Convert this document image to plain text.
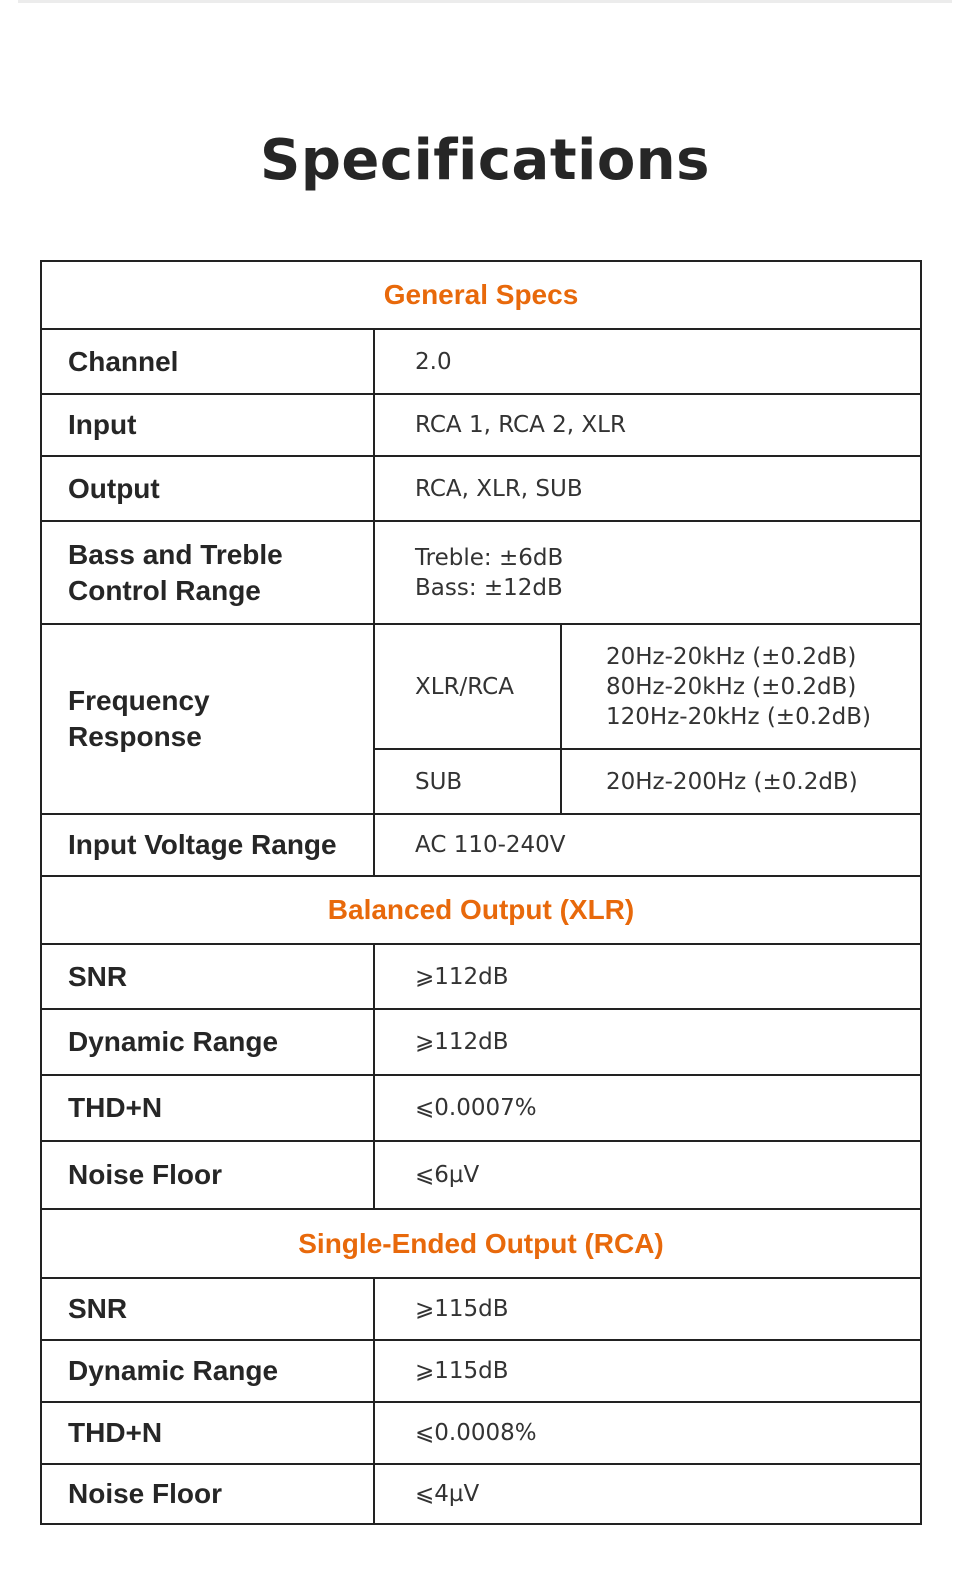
Specifications
General Specs		
Channel	2.0	
Input	RCA 1, RCA 2, XLR	
Output	RCA, XLR, SUB	

Bass and Treble
Control Range	Treble: ±6dB
Bass: ±12dB	

Frequency
Response	XLR/RCA	20Hz-20kHz (±0.2dB)
80Hz-20kHz (±0.2dB)
120Hz-20kHz (±0.2dB)

	SUB	20Hz-200Hz (±0.2dB)
Input Voltage Range	AC 110-240V	
Balanced Output (XLR)		
SNR	⩾112dB	
Dynamic Range	⩾112dB	
THD+N	⩽0.0007%	
Noise Floor	⩽6µV	
Single-Ended Output (RCA)		
SNR	⩾115dB	
Dynamic Range	⩾115dB	
THD+N	⩽0.0008%	
Noise Floor	⩽4µV	
